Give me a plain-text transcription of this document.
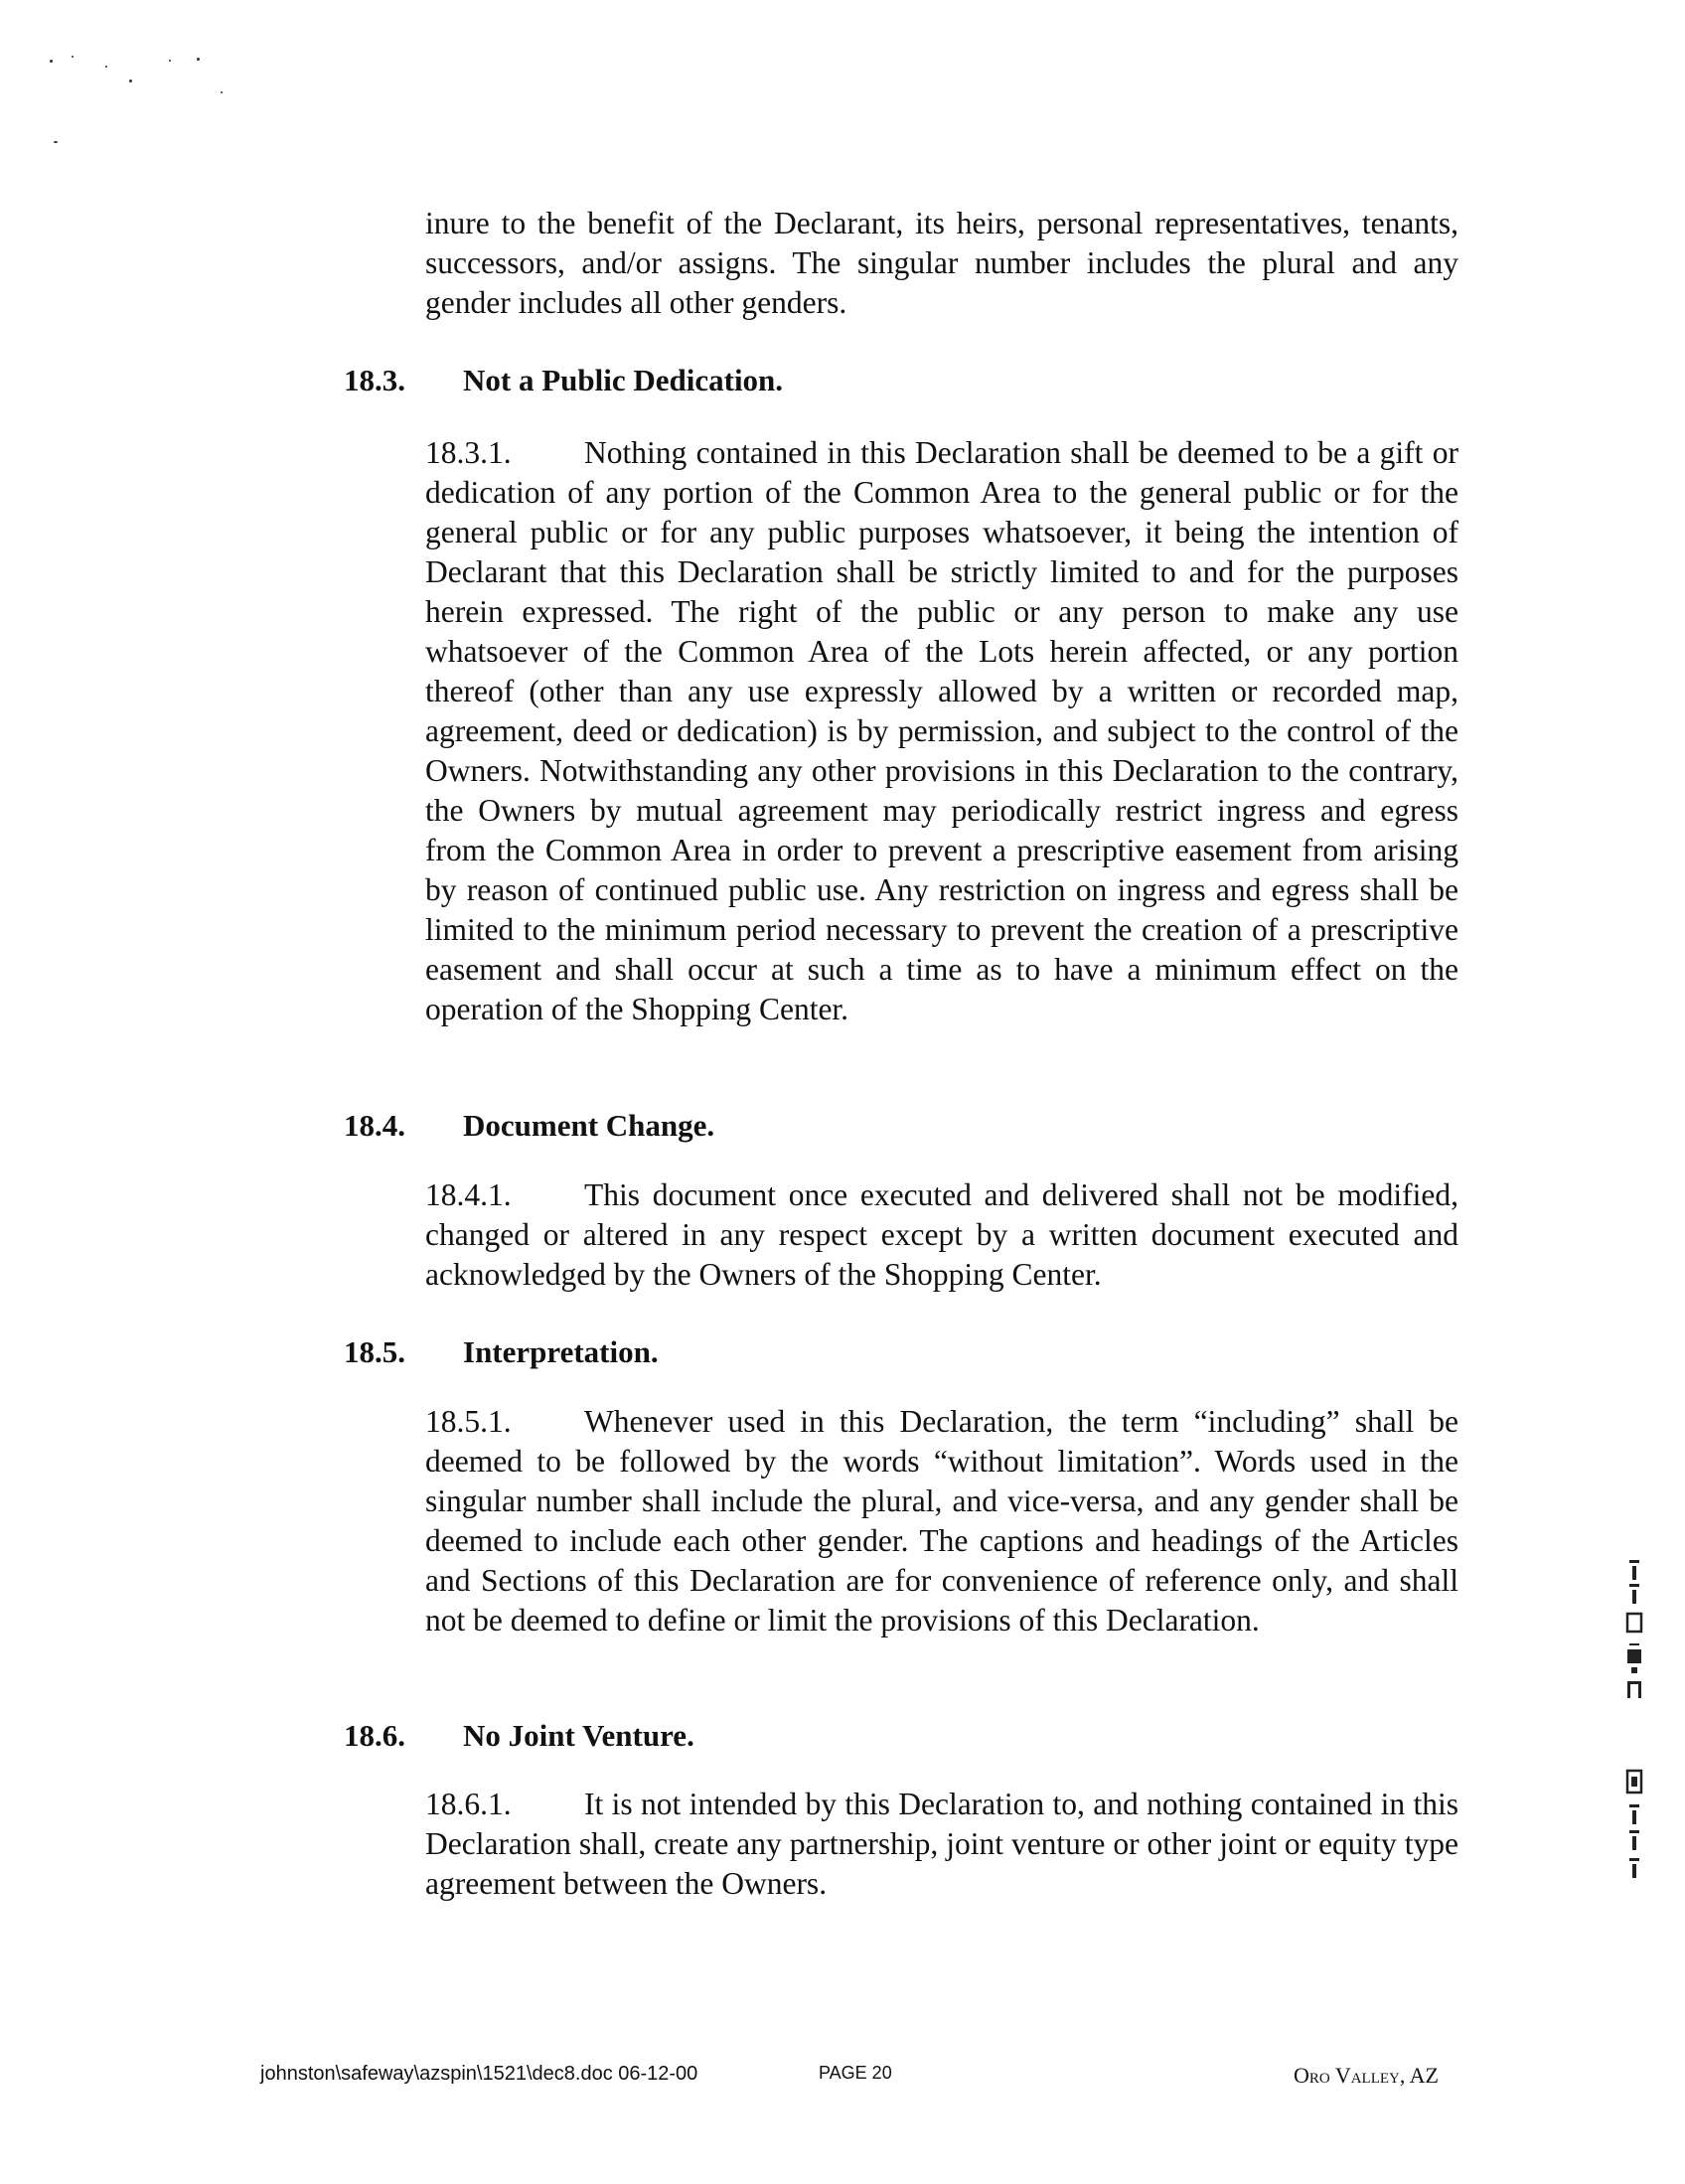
inure to the benefit of the Declarant, its heirs, personal representatives, tenants, successors, and/or assigns. The singular number includes the plural and any gender includes all other genders.

18.3. Not a Public Dedication.

18.3.1. Nothing contained in this Declaration shall be deemed to be a gift or dedication of any portion of the Common Area to the general public or for the general public or for any public purposes whatsoever, it being the intention of Declarant that this Declaration shall be strictly limited to and for the purposes herein expressed. The right of the public or any person to make any use whatsoever of the Common Area of the Lots herein affected, or any portion thereof (other than any use expressly allowed by a written or recorded map, agreement, deed or dedication) is by permission, and subject to the control of the Owners. Notwithstanding any other provisions in this Declaration to the contrary, the Owners by mutual agreement may periodically restrict ingress and egress from the Common Area in order to prevent a prescriptive easement from arising by reason of continued public use. Any restriction on ingress and egress shall be limited to the minimum period necessary to prevent the creation of a prescriptive easement and shall occur at such a time as to have a minimum effect on the operation of the Shopping Center.

18.4. Document Change.

18.4.1. This document once executed and delivered shall not be modified, changed or altered in any respect except by a written document executed and acknowledged by the Owners of the Shopping Center.

18.5. Interpretation.

18.5.1. Whenever used in this Declaration, the term “including” shall be deemed to be followed by the words “without limitation”. Words used in the singular number shall include the plural, and vice-versa, and any gender shall be deemed to include each other gender. The captions and headings of the Articles and Sections of this Declaration are for convenience of reference only, and shall not be deemed to define or limit the provisions of this Declaration.

18.6. No Joint Venture.

18.6.1. It is not intended by this Declaration to, and nothing contained in this Declaration shall, create any partnership, joint venture or other joint or equity type agreement between the Owners.

johnston\safeway\azspin\1521\dec8.doc 06-12-00	PAGE 20	Oro Valley, AZ
